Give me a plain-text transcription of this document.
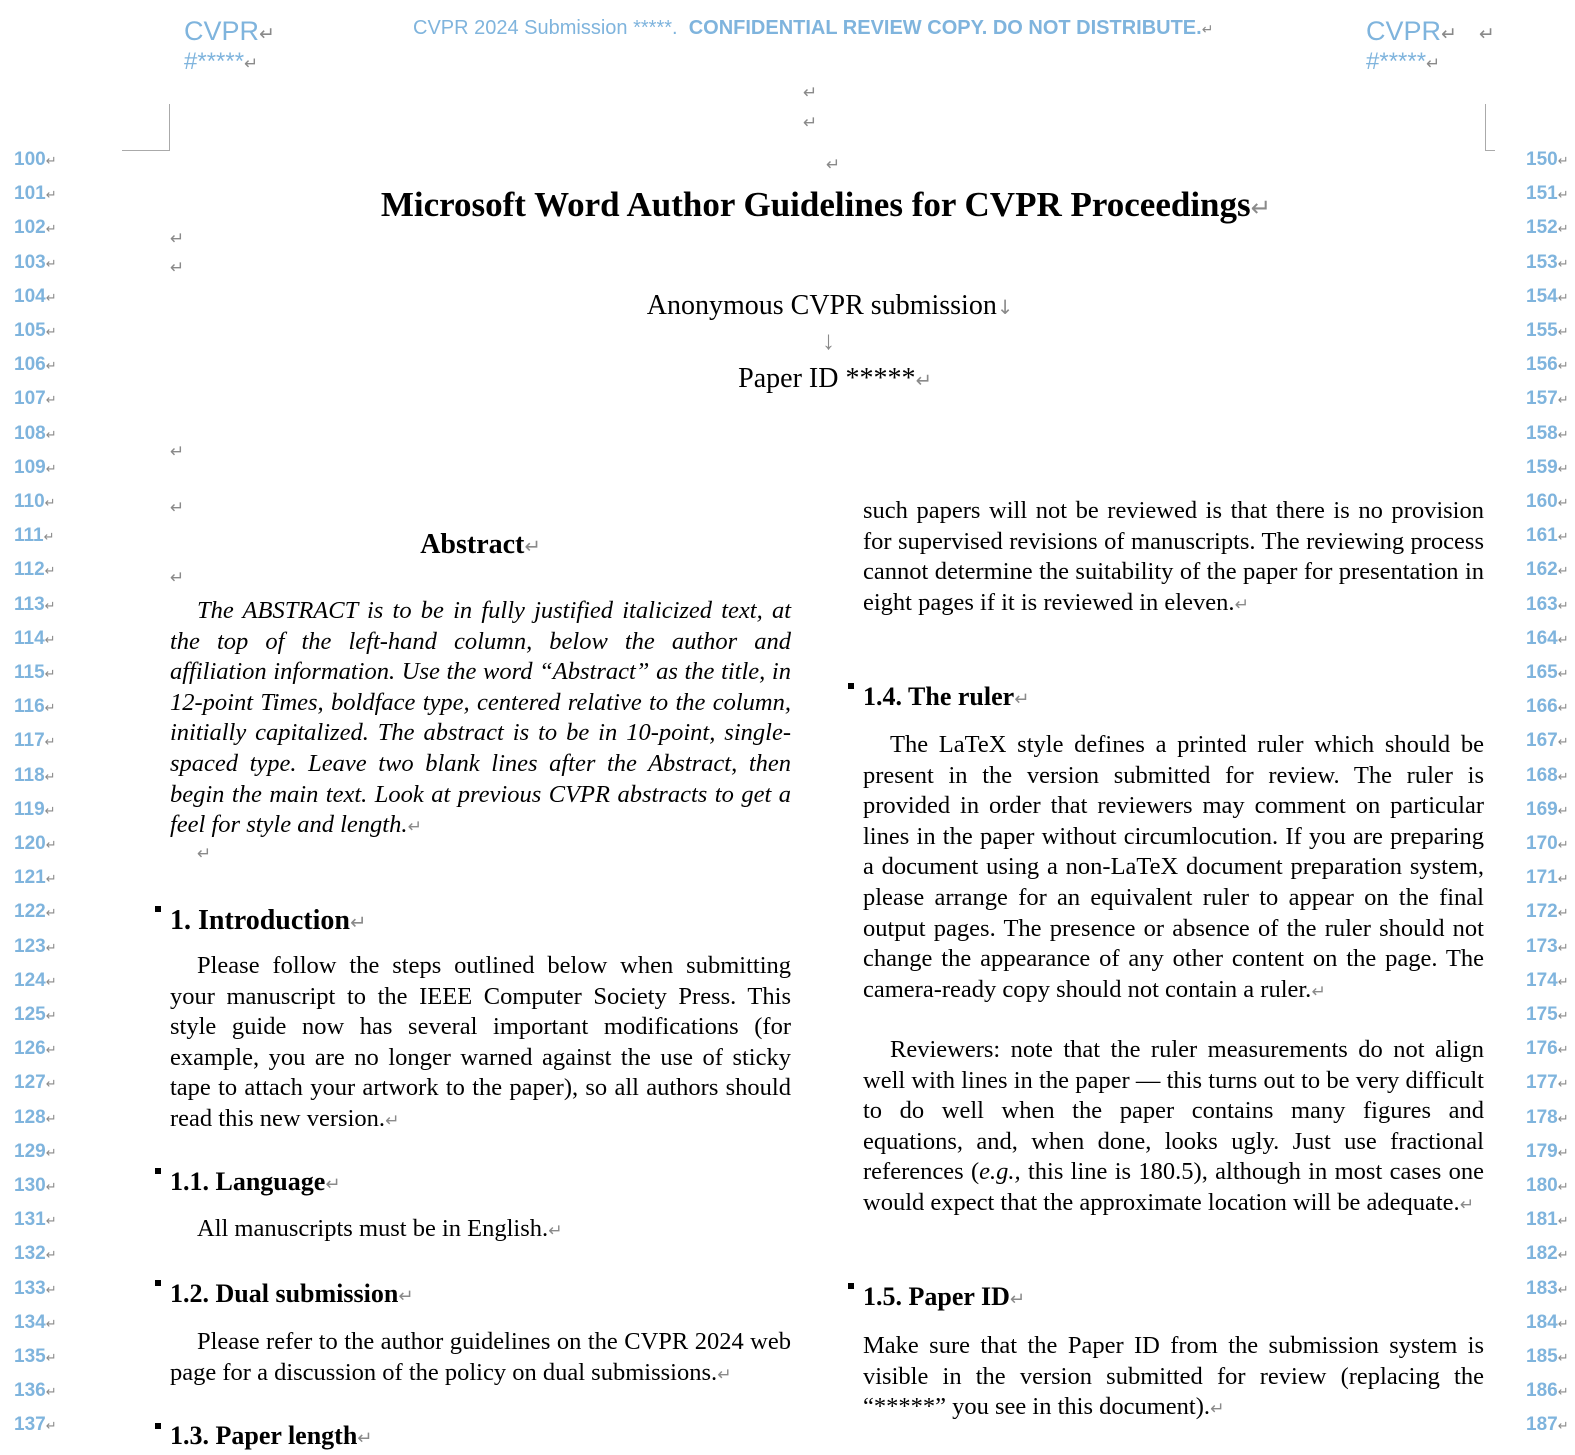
CVPR↵
#*****↵
CVPR 2024 Submission *****. CONFIDENTIAL REVIEW COPY. DO NOT DISTRIBUTE.↵	CVPR↵ ↵
#*****↵
↵
↵
↵
↵
↵
↵
↵
↵
↵
100↵
101↵
102↵
103↵
104↵
105↵
106↵
107↵
108↵
109↵
110↵
111↵
112↵
113↵
114↵
115↵
116↵
117↵
118↵
119↵
120↵
121↵
122↵
123↵
124↵
125↵
126↵
127↵
128↵
129↵
130↵
131↵
132↵
133↵
134↵
135↵
136↵
137↵
150↵
151↵
152↵
153↵
154↵
155↵
156↵
157↵
158↵
159↵
160↵
161↵
162↵
163↵
164↵
165↵
166↵
167↵
168↵
169↵
170↵
171↵
172↵
173↵
174↵
175↵
176↵
177↵
178↵
179↵
180↵
181↵
182↵
183↵
184↵
185↵
186↵
187↵
Microsoft Word Author Guidelines for CVPR Proceedings↵
Anonymous CVPR submission↓
↓
Paper ID *****↵
Abstract↵
The ABSTRACT is to be in fully justified italicized text, at the top of the left-hand column, below the author and affiliation information. Use the word “Abstract” as the title, in 12-point Times, boldface type, centered relative to the column, initially capitalized. The abstract is to be in 10-point, single-spaced type. Leave two blank lines after the Abstract, then begin the main text. Look at previous CVPR abstracts to get a feel for style and length.↵
1. Introduction↵
Please follow the steps outlined below when submitting your manuscript to the IEEE Computer Society Press. This style guide now has several important modifications (for example, you are no longer warned against the use of sticky tape to attach your artwork to the paper), so all authors should read this new version.↵
1.1. Language↵
All manuscripts must be in English.↵
1.2. Dual submission↵
Please refer to the author guidelines on the CVPR 2024 web page for a discussion of the policy on dual submissions.↵
1.3. Paper length↵
such papers will not be reviewed is that there is no provision for supervised revisions of manuscripts. The reviewing process cannot determine the suitability of the paper for presentation in eight pages if it is reviewed in eleven.↵
1.4. The ruler↵
The LaTeX style defines a printed ruler which should be present in the version submitted for review. The ruler is provided in order that reviewers may comment on particular lines in the paper without circumlocution. If you are preparing a document using a non-LaTeX document preparation system, please arrange for an equivalent ruler to appear on the final output pages. The presence or absence of the ruler should not change the appearance of any other content on the page. The camera-ready copy should not contain a ruler.↵
Reviewers: note that the ruler measurements do not align well with lines in the paper — this turns out to be very difficult to do well when the paper contains many figures and equations, and, when done, looks ugly. Just use fractional references (e.g., this line is 180.5), although in most cases one would expect that the approximate location will be adequate.↵
1.5. Paper ID↵
Make sure that the Paper ID from the submission system is visible in the version submitted for review (replacing the “*****” you see in this document).↵
